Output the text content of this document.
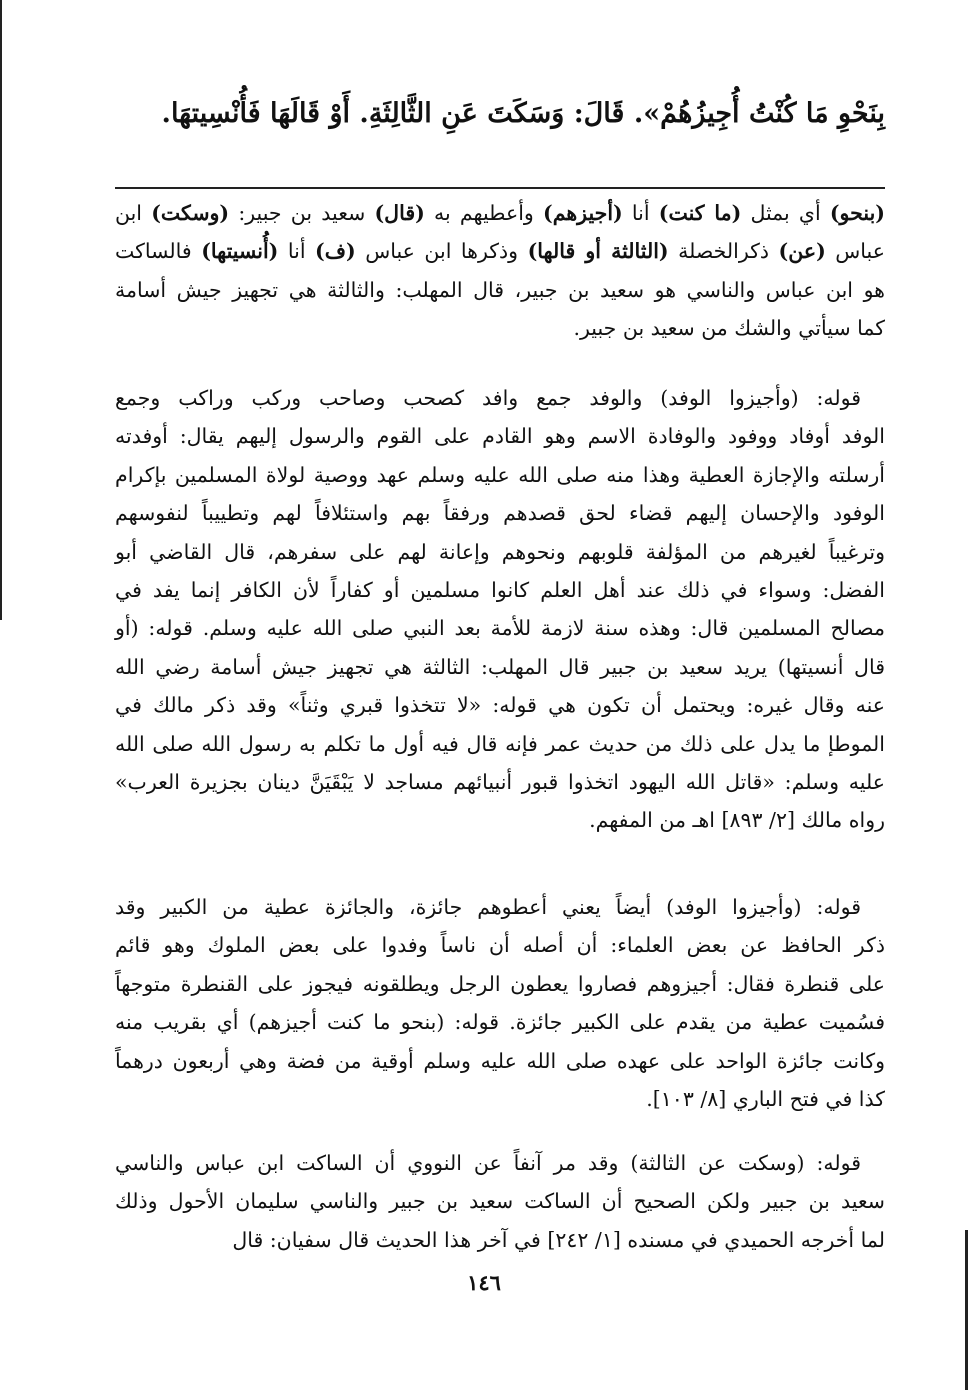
بِنَحْوِ مَا كُنْتُ أُجِيزُهُمْ». قَالَ: وَسَكَتَ عَنِ الثَّالِثَةِ. أَوْ قَالَهَا فَأُنْسِيتهَا.
(بنحو) أي بمثل (ما كنت) أنا (أجيزهم) وأعطيهم به (قال) سعيد بن جبير: (وسكت) ابن
عباس (عن) ذكرالخصلة (الثالثة أو قالها) وذكرها ابن عباس (ف) أنا (أُنسيتها) فالساكت
هو ابن عباس والناسي هو سعيد بن جبير، قال المهلب: والثالثة هي تجهيز جيش أسامة
كما سيأتي والشك من سعيد بن جبير.
قوله: (وأجيزوا الوفد) والوفد جمع وافد كصحب وصاحب وركب وراكب وجمع
الوفد أوفاد ووفود والوفادة الاسم وهو القادم على القوم والرسول إليهم يقال: أوفدته
أرسلته والإجازة العطية وهذا منه صلى الله عليه وسلم عهد ووصية لولاة المسلمين بإكرام
الوفود والإحسان إليهم قضاء لحق قصدهم ورفقاً بهم واستئلافاً لهم وتطييباً لنفوسهم
وترغيباً لغيرهم من المؤلفة قلوبهم ونحوهم وإعانة لهم على سفرهم، قال القاضي أبو
الفضل: وسواء في ذلك عند أهل العلم كانوا مسلمين أو كفاراً لأن الكافر إنما يفد في
مصالح المسلمين قال: وهذه سنة لازمة للأمة بعد النبي صلى الله عليه وسلم. قوله: (أو
قال أنسيتها) يريد سعيد بن جبير قال المهلب: الثالثة هي تجهيز جيش أسامة رضي الله
عنه وقال غيره: ويحتمل أن تكون هي قوله: «لا تتخذوا قبري وثناً» وقد ذكر مالك في
الموطإ ما يدل على ذلك من حديث عمر فإنه قال فيه أول ما تكلم به رسول الله صلى الله
عليه وسلم: «قاتل الله اليهود اتخذوا قبور أنبيائهم مساجد لا يَبْقَيَنَّ دينان بجزيرة العرب»
رواه مالك [٢/ ٨٩٣] اهـ من المفهم.
قوله: (وأجيزوا الوفد) أيضاً يعني أعطوهم جائزة، والجائزة عطية من الكبير وقد
ذكر الحافظ عن بعض العلماء: أن أصله أن ناساً وفدوا على بعض الملوك وهو قائم
على قنطرة فقال: أجيزوهم فصاروا يعطون الرجل ويطلقونه فيجوز على القنطرة متوجهاً
فسُميت عطية من يقدم على الكبير جائزة. قوله: (بنحو ما كنت أجيزهم) أي بقريب منه
وكانت جائزة الواحد على عهده صلى الله عليه وسلم أوقية من فضة وهي أربعون درهماً
كذا في فتح الباري [٨/ ١٠٣].
قوله: (وسكت عن الثالثة) وقد مر آنفاً عن النووي أن الساكت ابن عباس والناسي
سعيد بن جبير ولكن الصحيح أن الساكت سعيد بن جبير والناسي سليمان الأحول وذلك
لما أخرجه الحميدي في مسنده [١/ ٢٤٢] في آخر هذا الحديث قال سفيان: قال
١٤٦
